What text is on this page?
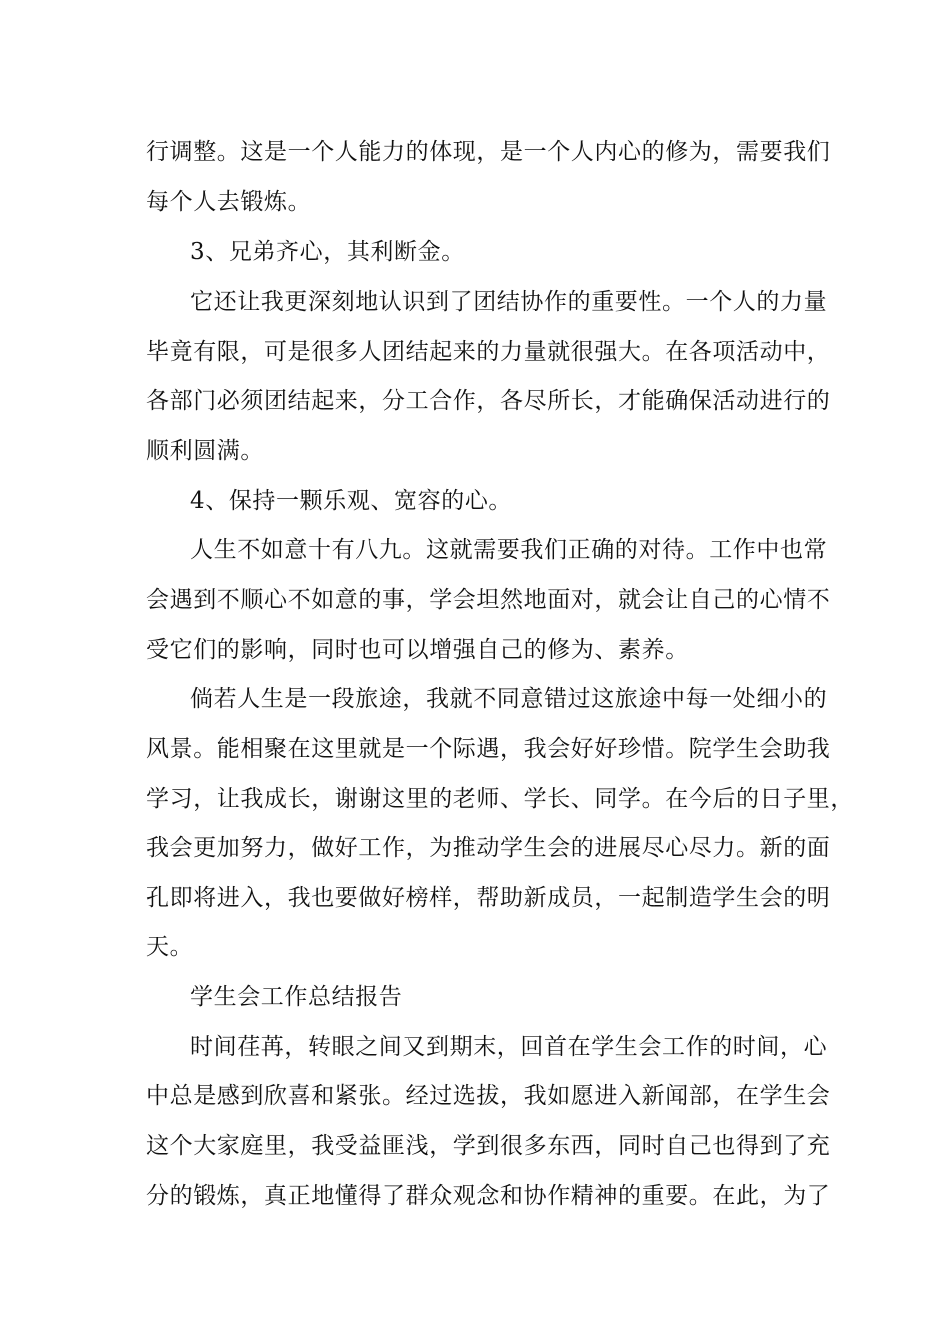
行调整。这是一个人能力的体现，是一个人内心的修为，需要我们
每个人去锻炼。
3、兄弟齐心，其利断金。
它还让我更深刻地认识到了团结协作的重要性。一个人的力量
毕竟有限，可是很多人团结起来的力量就很强大。在各项活动中，
各部门必须团结起来，分工合作，各尽所长，才能确保活动进行的
顺利圆满。
4、保持一颗乐观、宽容的心。
人生不如意十有八九。这就需要我们正确的对待。工作中也常
会遇到不顺心不如意的事，学会坦然地面对，就会让自己的心情不
受它们的影响，同时也可以增强自己的修为、素养。
倘若人生是一段旅途，我就不同意错过这旅途中每一处细小的
风景。能相聚在这里就是一个际遇，我会好好珍惜。院学生会助我
学习，让我成长，谢谢这里的老师、学长、同学。在今后的日子里，
我会更加努力，做好工作，为推动学生会的进展尽心尽力。新的面
孔即将进入，我也要做好榜样，帮助新成员，一起制造学生会的明
天。
学生会工作总结报告
时间荏苒，转眼之间又到期末，回首在学生会工作的时间，心
中总是感到欣喜和紧张。经过选拔，我如愿进入新闻部，在学生会
这个大家庭里，我受益匪浅，学到很多东西，同时自己也得到了充
分的锻炼，真正地懂得了群众观念和协作精神的重要。在此，为了
